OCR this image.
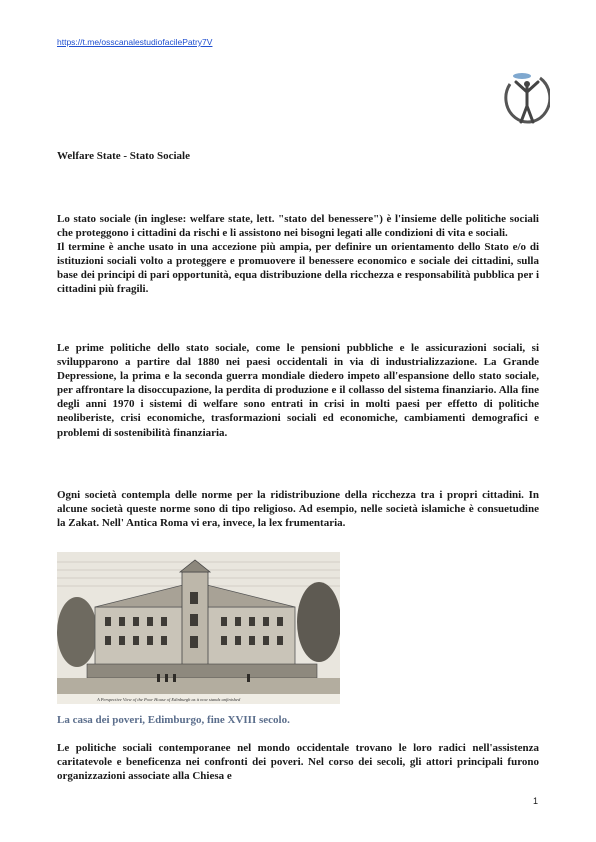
https://t.me/osscanalestudiofacilePatry7V
Welfare State - Stato Sociale

Lo stato sociale (in inglese: welfare state, lett. "stato del benessere") è l'insieme delle politiche sociali che proteggono i cittadini da rischi e li assistono nei bisogni legati alle condizioni di vita e sociali.
Il termine è anche usato in una accezione più ampia, per definire un orientamento dello Stato e/o di istituzioni sociali volto a proteggere e promuovere il benessere economico e sociale dei cittadini, sulla base dei principi di pari opportunità, equa distribuzione della ricchezza e responsabilità pubblica per i cittadini più fragili.

Le prime politiche dello stato sociale, come le pensioni pubbliche e le assicurazioni sociali, si svilupparono a partire dal 1880 nei paesi occidentali in via di industrializzazione. La Grande Depressione, la prima e la seconda guerra mondiale diedero impeto all'espansione dello stato sociale, per affrontare la disoccupazione, la perdita di produzione e il collasso del sistema finanziario. Alla fine degli anni 1970 i sistemi di welfare sono entrati in crisi in molti paesi per effetto di politiche neoliberiste, crisi economiche, trasformazioni sociali ed economiche, cambiamenti demografici e problemi di sostenibilità finanziaria.

Ogni società contempla delle norme per la ridistribuzione della ricchezza tra i propri cittadini. In alcune società queste norme sono di tipo religioso. Ad esempio, nelle società islamiche è consuetudine la Zakat. Nell' Antica Roma vi era, invece, la lex frumentaria.

A Perspective View of the Poor House of Edinburgh as it now stands unfinished
La casa dei poveri, Edimburgo, fine XVIII secolo.

Le politiche sociali contemporanee nel mondo occidentale trovano le loro radici nell'assistenza caritatevole e beneficenza nei confronti dei poveri. Nel corso dei secoli, gli attori principali furono organizzazioni associate alla Chiesa e

1
